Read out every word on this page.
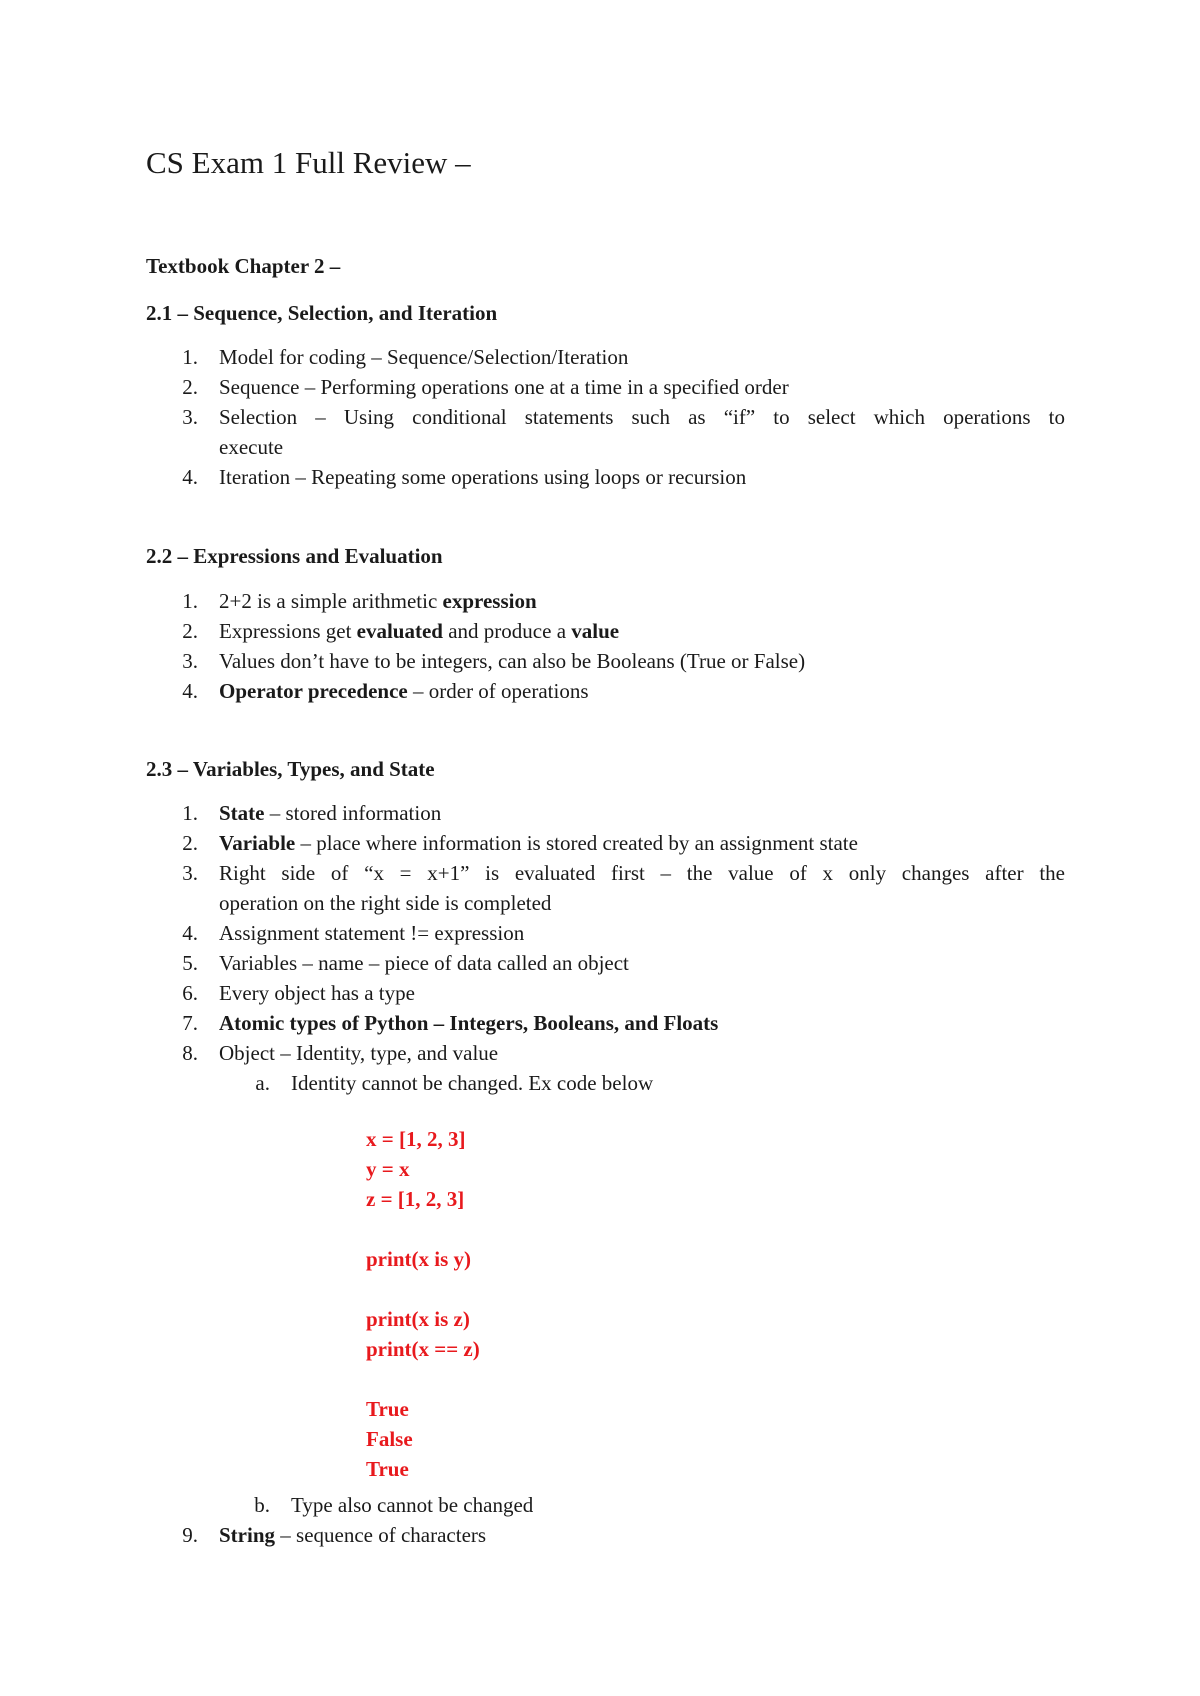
CS Exam 1 Full Review –
Textbook Chapter 2 –
2.1 – Sequence, Selection, and Iteration
1. Model for coding – Sequence/Selection/Iteration
2. Sequence – Performing operations one at a time in a specified order
3. Selection – Using conditional statements such as “if” to select which operations to
execute
4. Iteration – Repeating some operations using loops or recursion
2.2 – Expressions and Evaluation
1. 2+2 is a simple arithmetic expression
2. Expressions get evaluated and produce a value
3. Values don’t have to be integers, can also be Booleans (True or False)
4. Operator precedence – order of operations
2.3 – Variables, Types, and State
1. State – stored information
2. Variable – place where information is stored created by an assignment state
3. Right side of “x = x+1” is evaluated first – the value of x only changes after the
operation on the right side is completed
4. Assignment statement != expression
5. Variables – name – piece of data called an object
6. Every object has a type
7. Atomic types of Python – Integers, Booleans, and Floats
8. Object – Identity, type, and value
a. Identity cannot be changed. Ex code below
x = [1, 2, 3]
y = x
z = [1, 2, 3]
print(x is y)
print(x is z)
print(x == z)
True
False
True
b. Type also cannot be changed
9. String – sequence of characters
